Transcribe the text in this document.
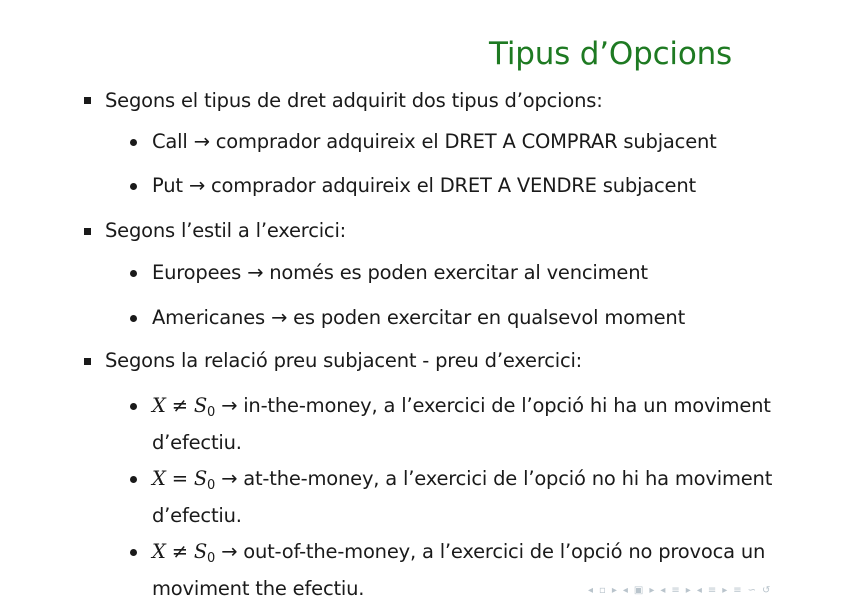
Tipus d’Opcions
Segons el tipus de dret adquirit dos tipus d’opcions:
Call → comprador adquireix el DRET A COMPRAR subjacent
Put → comprador adquireix el DRET A VENDRE subjacent
Segons l’estil a l’exercici:
Europees → només es poden exercitar al venciment
Americanes → es poden exercitar en qualsevol moment
Segons la relació preu subjacent - preu d’exercici:
$X \ne S_0$ → in-the-money, a l’exercici de l’opció hi ha un moviment d’efectiu.
$X = S_0$ → at-the-money, a l’exercici de l’opció no hi ha moviment d’efectiu.
$X \ne S_0$ → out-of-the-money, a l’exercici de l’opció no provoca un moviment the efectiu.	◂ ▫ ▸ ◂ ▣ ▸ ◂ ≡ ▸ ◂ ≡ ▸ ≡ ∽ ↺
